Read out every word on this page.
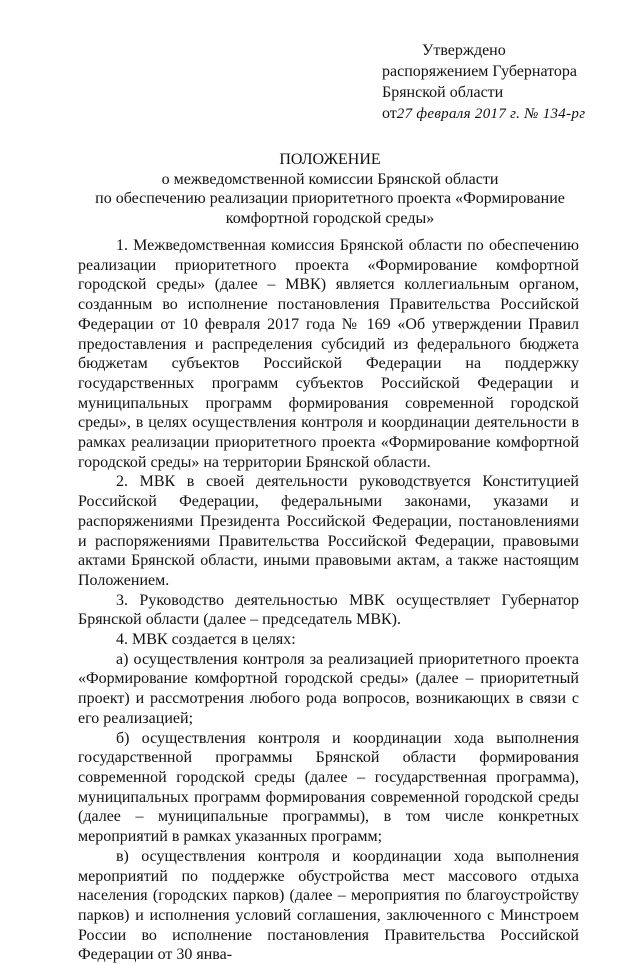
Утверждено
распоряжением Губернатора
Брянской области
от27 февраля 2017 г. № 134-рг
ПОЛОЖЕНИЕ
о межведомственной комиссии Брянской области
по обеспечению реализации приоритетного проекта «Формирование
комфортной городской среды»

1. Межведомственная комиссия Брянской области по обеспечению реализации приоритетного проекта «Формирование комфортной городской среды» (далее – МВК) является коллегиальным органом, созданным во исполнение постановления Правительства Российской Федерации от 10 февраля 2017 года № 169 «Об утверждении Правил предоставления и распределения субсидий из федерального бюджета бюджетам субъектов Российской Федерации на поддержку государственных программ субъектов Российской Федерации и муниципальных программ формирования современной городской среды», в целях осуществления контроля и координации деятельности в рамках реализации приоритетного проекта «Формирование комфортной городской среды» на территории Брянской области.

2. МВК в своей деятельности руководствуется Конституцией Российской Федерации, федеральными законами, указами и распоряжениями Президента Российской Федерации, постановлениями и распоряжениями Правительства Российской Федерации, правовыми актами Брянской области, иными правовыми актам, а также настоящим Положением.

3. Руководство деятельностью МВК осуществляет Губернатор Брянской области (далее – председатель МВК).

4. МВК создается в целях:

а) осуществления контроля за реализацией приоритетного проекта «Формирование комфортной городской среды» (далее – приоритетный проект) и рассмотрения любого рода вопросов, возникающих в связи с его реализацией;

б) осуществления контроля и координации хода выполнения государственной программы Брянской области формирования современной городской среды (далее – государственная программа), муниципальных программ формирования современной городской среды (далее – муниципальные программы), в том числе конкретных мероприятий в рамках указанных программ;

в) осуществления контроля и координации хода выполнения мероприятий по поддержке обустройства мест массового отдыха населения (городских парков) (далее – мероприятия по благоустройству парков) и исполнения условий соглашения, заключенного с Минстроем России во исполнение постановления Правительства Российской Федерации от 30 янва-
